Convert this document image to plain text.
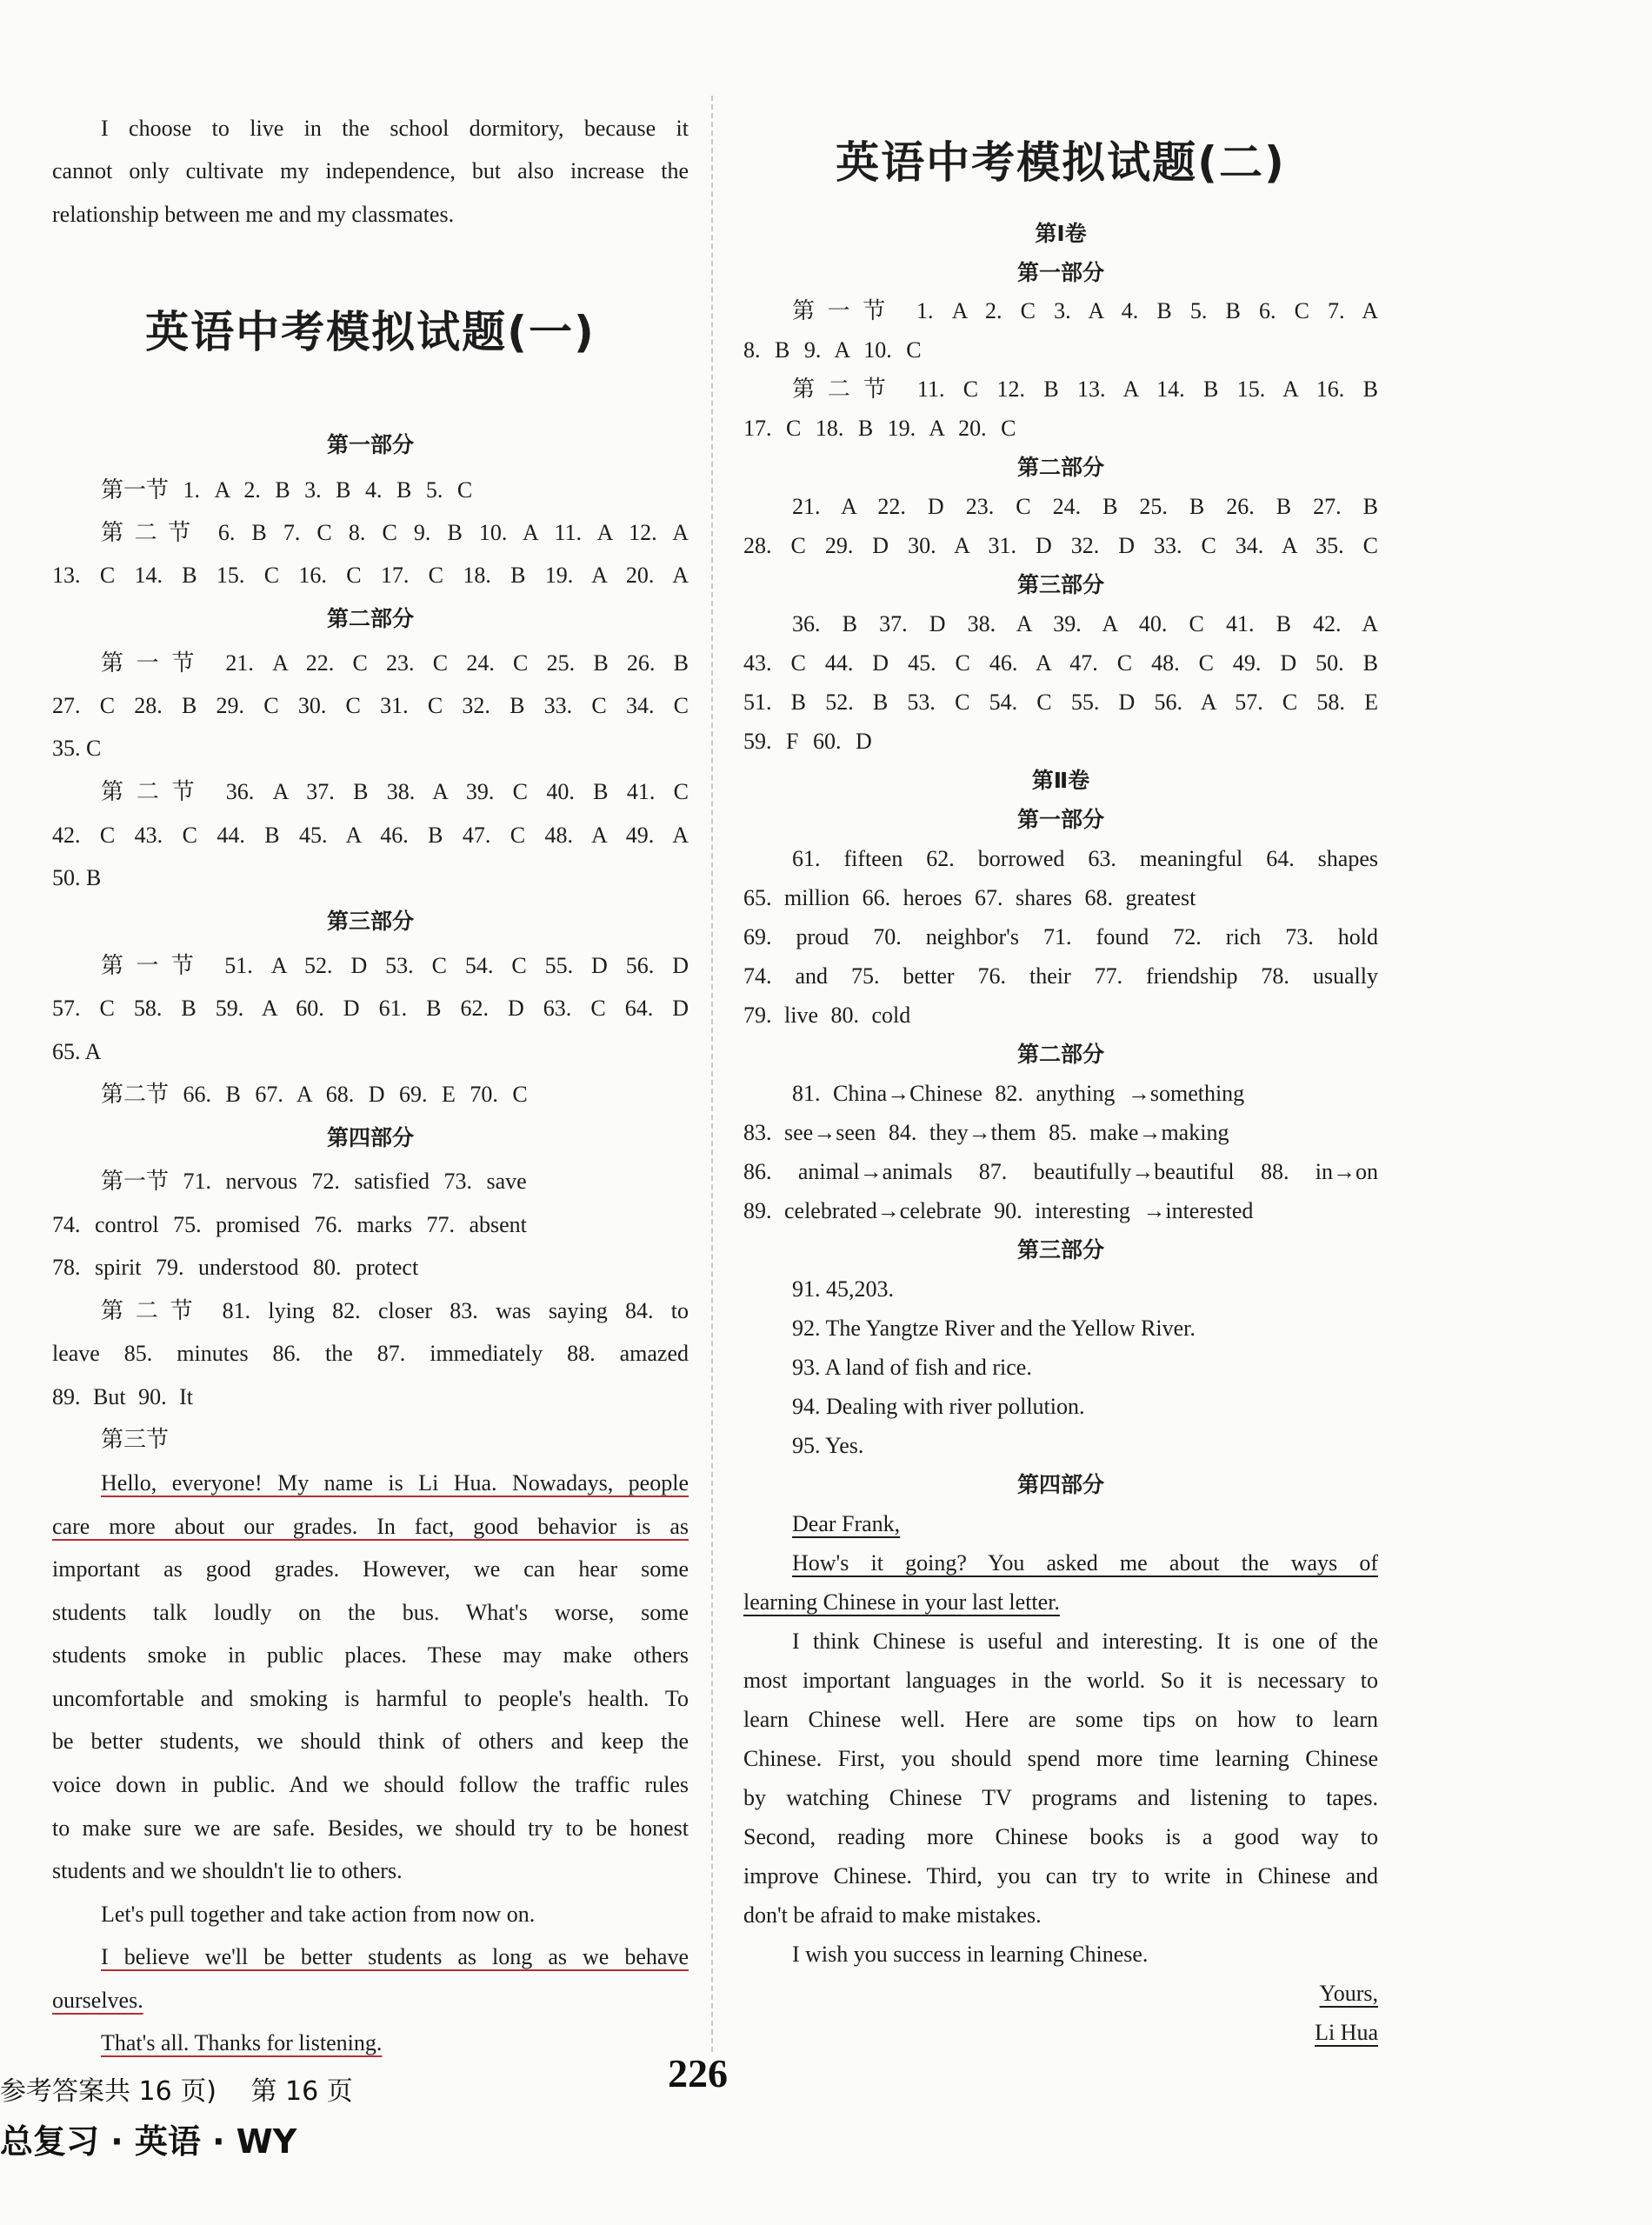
I choose to live in the school dormitory, because it
cannot only cultivate my independence, but also increase the
relationship between me and my classmates.
英语中考模拟试题(一)
第一部分
第一节 1. A 2. B 3. B 4. B 5. C
第二节 6. B 7. C 8. C 9. B 10. A 11. A 12. A
13. C 14. B 15. C 16. C 17. C 18. B 19. A 20. A
第二部分
第一节 21. A 22. C 23. C 24. C 25. B 26. B
27. C 28. B 29. C 30. C 31. C 32. B 33. C 34. C
35. C
第二节 36. A 37. B 38. A 39. C 40. B 41. C
42. C 43. C 44. B 45. A 46. B 47. C 48. A 49. A
50. B
第三部分
第一节 51. A 52. D 53. C 54. C 55. D 56. D
57. C 58. B 59. A 60. D 61. B 62. D 63. C 64. D
65. A
第二节 66. B 67. A 68. D 69. E 70. C
第四部分
第一节 71. nervous 72. satisfied 73. save
74. control 75. promised 76. marks 77. absent
78. spirit 79. understood 80. protect
第二节 81. lying 82. closer 83. was saying 84. to
leave 85. minutes 86. the 87. immediately 88. amazed
89. But 90. It
第三节
Hello, everyone! My name is Li Hua. Nowadays, people
care more about our grades. In fact, good behavior is as
important as good grades. However, we can hear some
students talk loudly on the bus. What's worse, some
students smoke in public places. These may make others
uncomfortable and smoking is harmful to people's health. To
be better students, we should think of others and keep the
voice down in public. And we should follow the traffic rules
to make sure we are safe. Besides, we should try to be honest
students and we shouldn't lie to others.
Let's pull together and take action from now on.
I believe we'll be better students as long as we behave
ourselves.
That's all. Thanks for listening.
英语中考模拟试题(二)
第Ⅰ卷
第一部分
第一节 1. A 2. C 3. A 4. B 5. B 6. C 7. A
8. B 9. A 10. C
第二节 11. C 12. B 13. A 14. B 15. A 16. B
17. C 18. B 19. A 20. C
第二部分
21. A 22. D 23. C 24. B 25. B 26. B 27. B
28. C 29. D 30. A 31. D 32. D 33. C 34. A 35. C
第三部分
36. B 37. D 38. A 39. A 40. C 41. B 42. A
43. C 44. D 45. C 46. A 47. C 48. C 49. D 50. B
51. B 52. B 53. C 54. C 55. D 56. A 57. C 58. E
59. F 60. D
第Ⅱ卷
第一部分
61. fifteen 62. borrowed 63. meaningful 64. shapes
65. million 66. heroes 67. shares 68. greatest
69. proud 70. neighbor's 71. found 72. rich 73. hold
74. and 75. better 76. their 77. friendship 78. usually
79. live 80. cold
第二部分
81. China→Chinese 82. anything →something
83. see→seen 84. they→them 85. make→making
86. animal→animals 87. beautifully→beautiful 88. in→on
89. celebrated→celebrate 90. interesting →interested
第三部分
91. 45,203.
92. The Yangtze River and the Yellow River.
93. A land of fish and rice.
94. Dealing with river pollution.
95. Yes.
第四部分
Dear Frank,
How's it going? You asked me about the ways of
learning Chinese in your last letter.
I think Chinese is useful and interesting. It is one of the
most important languages in the world. So it is necessary to
learn Chinese well. Here are some tips on how to learn
Chinese. First, you should spend more time learning Chinese
by watching Chinese TV programs and listening to tapes.
Second, reading more Chinese books is a good way to
improve Chinese. Third, you can try to write in Chinese and
don't be afraid to make mistakes.
I wish you success in learning Chinese.
Yours,
Li Hua
参考答案共 16 页) 第 16 页
总复习 · 英语 · WY
226
